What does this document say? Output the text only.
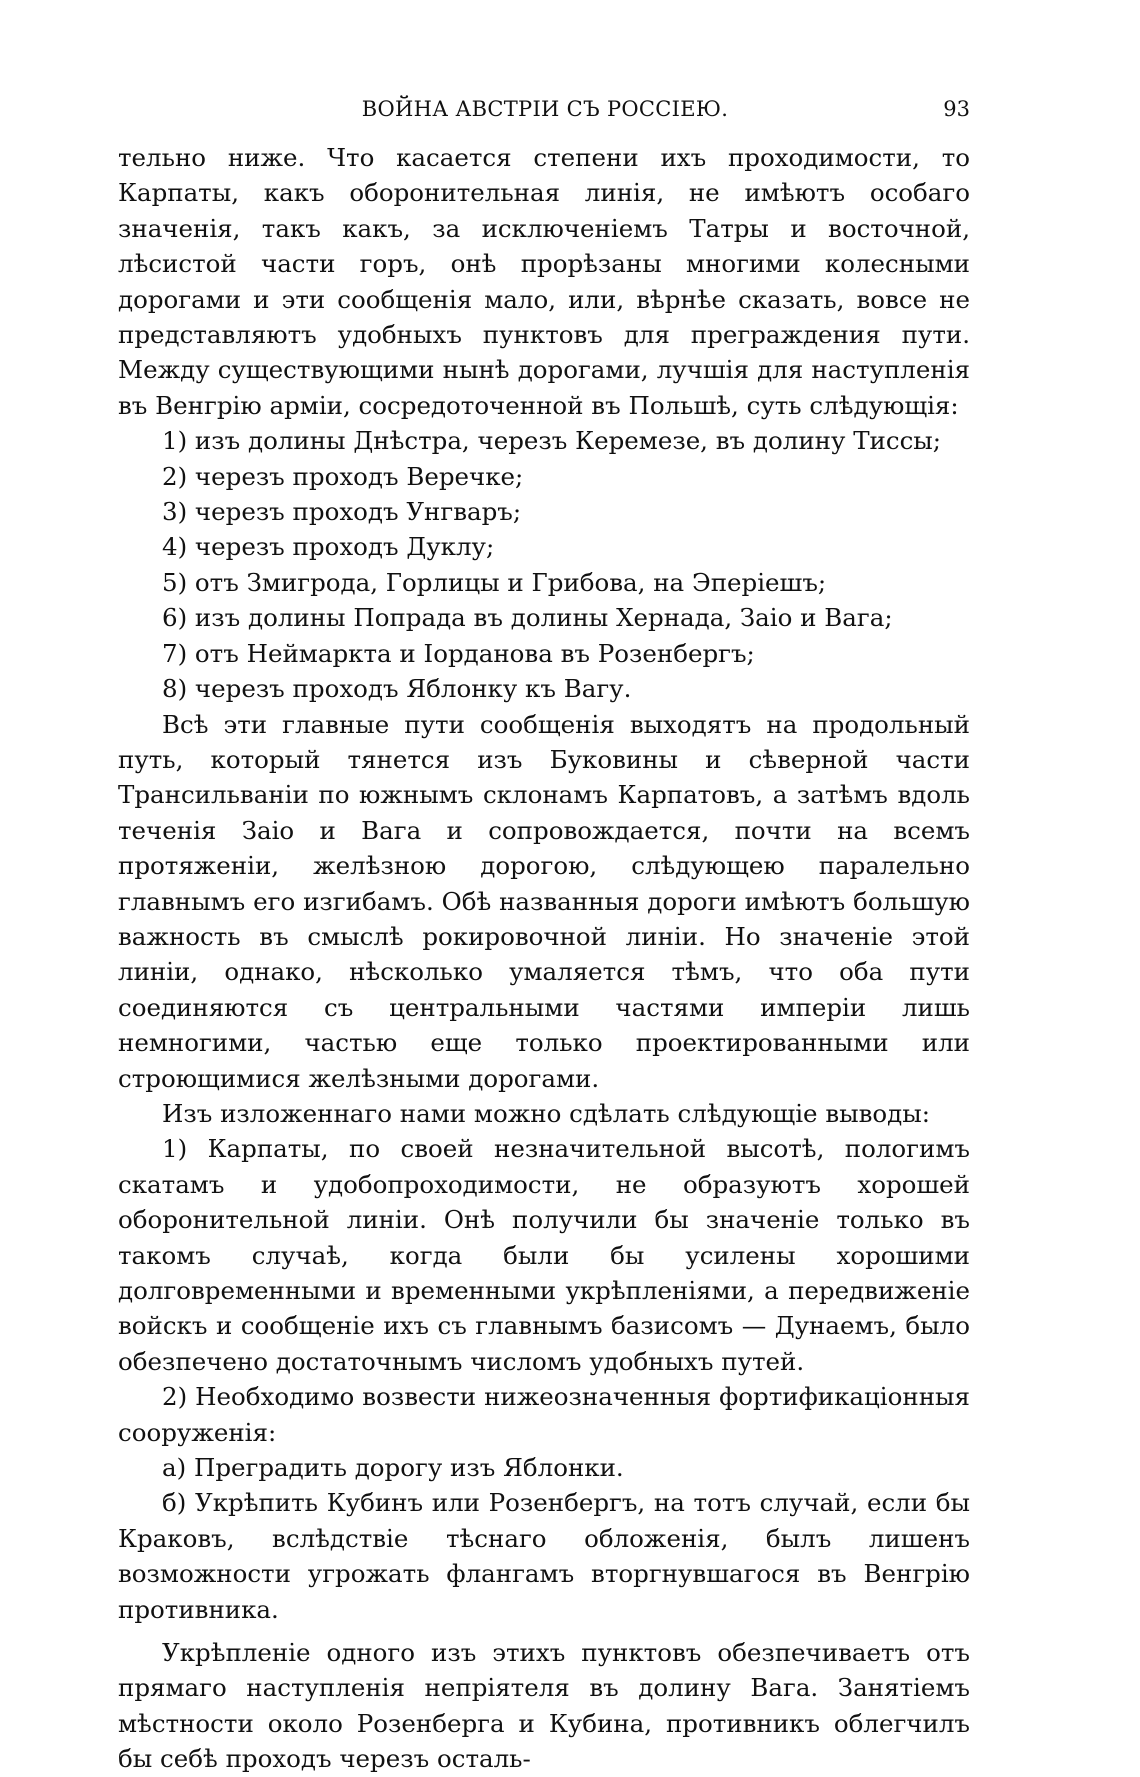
ВОЙНА АВСТРІИ СЪ РОССІЕЮ.	93

тельно ниже. Что касается степени ихъ проходимости, то Карпаты, какъ оборонительная линія, не имѣютъ особаго значенія, такъ какъ, за исключеніемъ Татры и восточной, лѣсистой части горъ, онѣ прорѣзаны многими колесными дорогами и эти сообщенія мало, или, вѣрнѣе сказать, вовсе не представляютъ удобныхъ пунктовъ для преграждения пути. Между существующими нынѣ дорогами, лучшія для наступленія въ Венгрію арміи, сосредоточенной въ Польшѣ, суть слѣдующія:

1) изъ долины Днѣстра, черезъ Керемезе, въ долину Тиссы;

2) черезъ проходъ Веречке;

3) черезъ проходъ Унгваръ;

4) черезъ проходъ Дуклу;

5) отъ Змигрода, Горлицы и Грибова, на Эперіешъ;

6) изъ долины Попрада въ долины Хернада, Заіо и Вага;

7) отъ Неймаркта и Іорданова въ Розенбергъ;

8) черезъ проходъ Яблонку къ Вагу.

Всѣ эти главные пути сообщенія выходятъ на продольный путь, который тянется изъ Буковины и сѣверной части Трансильваніи по южнымъ склонамъ Карпатовъ, а затѣмъ вдоль теченія Заіо и Вага и сопровождается, почти на всемъ протяженіи, желѣзною дорогою, слѣдующею паралельно главнымъ его изгибамъ. Обѣ названныя дороги имѣютъ большую важность въ смыслѣ рокировочной линіи. Но значеніе этой линіи, однако, нѣсколько умаляется тѣмъ, что оба пути соединяются съ центральными частями имперіи лишь немногими, частью еще только проектированными или строющимися желѣзными дорогами.

Изъ изложеннаго нами можно сдѣлать слѣдующіе выводы:

1) Карпаты, по своей незначительной высотѣ, пологимъ скатамъ и удобопроходимости, не образуютъ хорошей оборонительной линіи. Онѣ получили бы значеніе только въ такомъ случаѣ, когда были бы усилены хорошими долговременными и временными укрѣпленіями, а передвиженіе войскъ и сообщеніе ихъ съ главнымъ базисомъ — Дунаемъ, было обезпечено достаточнымъ числомъ удобныхъ путей.

2) Необходимо возвести нижеозначенныя фортификаціонныя сооруженія:

а) Преградить дорогу изъ Яблонки.

б) Укрѣпить Кубинъ или Розенбергъ, на тотъ случай, если бы Краковъ, вслѣдствіе тѣснаго обложенія, былъ лишенъ возможности угрожать флангамъ вторгнувшагося въ Венгрію противника.

Укрѣпленіе одного изъ этихъ пунктовъ обезпечиваетъ отъ прямаго наступленія непріятеля въ долину Вага. Занятіемъ мѣстности около Розенберга и Кубина, противникъ облегчилъ бы себѣ проходъ черезъ осталь-
